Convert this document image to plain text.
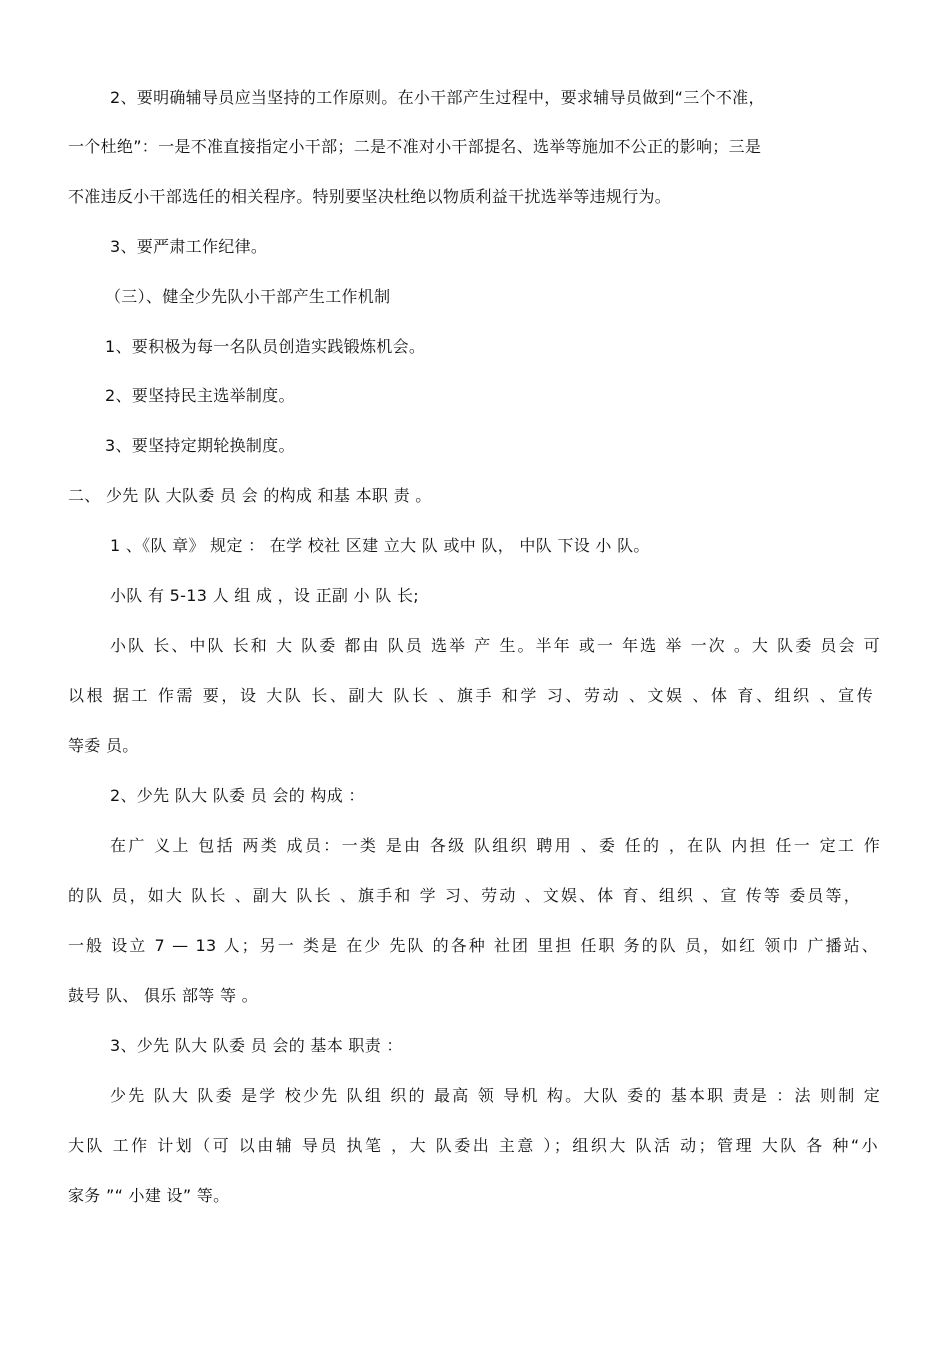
2、要明确辅导员应当坚持的工作原则。在小干部产生过程中，要求辅导员做到“三个不准，
一个杜绝”：一是不准直接指定小干部；二是不准对小干部提名、选举等施加不公正的影响；三是
不准违反小干部选任的相关程序。特别要坚决杜绝以物质利益干扰选举等违规行为。
3、要严肃工作纪律。
（三）、健全少先队小干部产生工作机制
1、要积极为每一名队员创造实践锻炼机会。
2、要坚持民主选举制度。
3、要坚持定期轮换制度。
二、 少先 队 大队委 员 会 的构成 和基 本职 责 。
1 、《队 章》 规定 ： 在学 校社 区建 立大 队 或中 队， 中队 下设 小 队。
小队 有 5-13 人 组 成 ，设 正副 小 队 长;
小队 长、中队 长和 大 队委 都由 队员 选举 产 生。半年 或一 年选 举 一次 。大 队委 员会 可
以根 据工 作需 要，设 大队 长、副大 队长 、旗手 和学 习、劳动 、文娱 、体 育、组织 、宣传
等委 员。
2、少先 队大 队委 员 会的 构成 ：
在广 义上 包括 两类 成员：一类 是由 各级 队组织 聘用 、委 任的 ，在队 内担 任一 定工 作
的队 员，如大 队长 、副大 队长 、旗手和 学 习、劳动 、文娱、体 育、组织 、宣 传等 委员等，
一般 设立 7 — 13 人；另一 类是 在少 先队 的各种 社团 里担 任职 务的队 员，如红 领巾 广播站、
鼓号 队、 俱乐 部等 等 。
3、少先 队大 队委 员 会的 基本 职责 ：
少先 队大 队委 是学 校少先 队组 织的 最高 领 导机 构。大队 委的 基本职 责是 ：法 则制 定
大队 工作 计划（可 以由辅 导员 执笔 ，大 队委出 主意 ）；组织大 队活 动；管理 大队 各 种“小
家务 ”“ 小建 设” 等。
